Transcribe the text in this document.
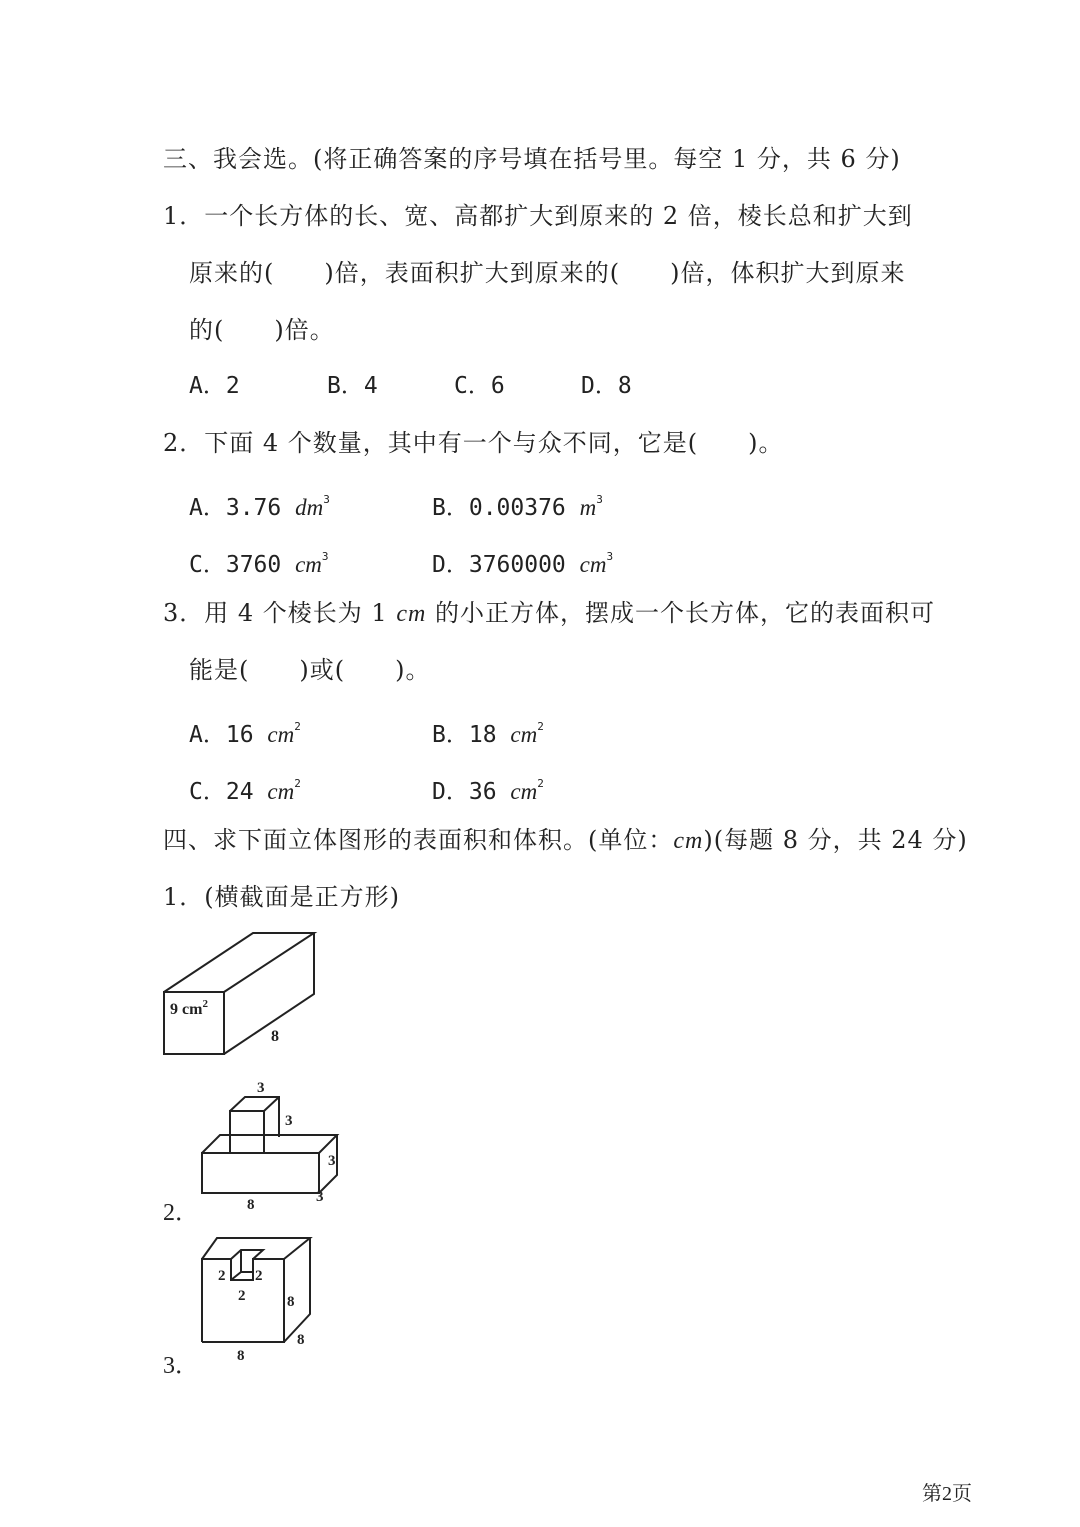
三、我会选。(将正确答案的序号填在括号里。每空 1 分，共 6 分)
1．一个长方体的长、宽、高都扩大到原来的 2 倍，棱长总和扩大到
原来的(　　)倍，表面积扩大到原来的(　　)倍，体积扩大到原来
的(　　)倍。
A．2	B．4	C．6	D．8
2．下面 4 个数量，其中有一个与众不同，它是(　　)。
A．3.76 $dm^3$	B．0.00376 $m^3$
C．3760 $cm^3$	D．3760000 $cm^3$
3．用 4 个棱长为 1 cm 的小正方体，摆成一个长方体，它的表面积可
能是(　　)或(　　)。
A．16 $cm^2$	B．18 $cm^2$
C．24 $cm^2$	D．36 $cm^2$
四、求下面立体图形的表面积和体积。(单位：cm)(每题 8 分，共 24 分)
1．(横截面是正方形)
9 $cm^2$
8
2．
3
3
3
3
8
3．
2 2
2	8
8
8
第2页
